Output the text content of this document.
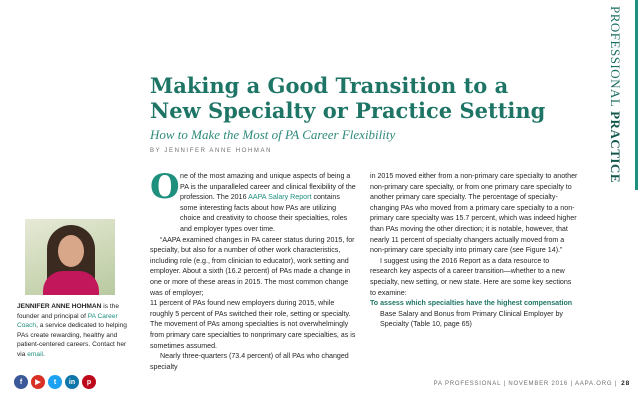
PROFESSIONAL PRACTICE
Making a Good Transition to a
New Specialty or Practice Setting
How to Make the Most of PA Career Flexibility
BY JENNIFER ANNE HOHMAN

O ne of the most amazing and unique aspects of being a PA is the unparalleled career and clinical flexibility of the profession. The 2016 AAPA Salary Report contains some interesting facts about how PAs are utilizing choice and creativity to choose their specialties, roles and employer types over time.

“AAPA examined changes in PA career status during 2015, for specialty, but also for a number of other work characteristics, including role (e.g., from clinician to educator), work setting and employer. About a sixth (16.2 percent) of PAs made a change in one or more of these areas in 2015. The most common change was of employer;

11 percent of PAs found new employers during 2015, while roughly 5 percent of PAs switched their role, setting or specialty. The movement of PAs among specialties is not overwhelmingly from primary care specialties to nonprimary care specialties, as is sometimes assumed.

Nearly three-quarters (73.4 percent) of all PAs who changed specialty

in 2015 moved either from a non-primary care specialty to another non-primary care specialty, or from one primary care specialty to another primary care specialty. The percentage of specialty-changing PAs who moved from a primary care specialty to a non-primary care specialty was 15.7 percent, which was indeed higher than PAs moving the other direction; it is notable, however, that nearly 11 percent of specialty changers actually moved from a non-primary care specialty into primary care (see Figure 14).”

I suggest using the 2016 Report as a data resource to research key aspects of a career transition—whether to a new specialty, new setting, or new state. Here are some key sections to examine:

To assess which specialties have the highest compensation

Base Salary and Bonus from Primary Clinical Employer by Specialty (Table 10, page 65)

JENNIFER ANNE HOHMAN is the founder and principal of PA Career Coach, a service dedicated to helping PAs create rewarding, healthy and patient-centered careers. Contact her via email.
f	▶	t	in	p	PA PROFESSIONAL | NOVEMBER 2016 | AAPA.ORG | 28
